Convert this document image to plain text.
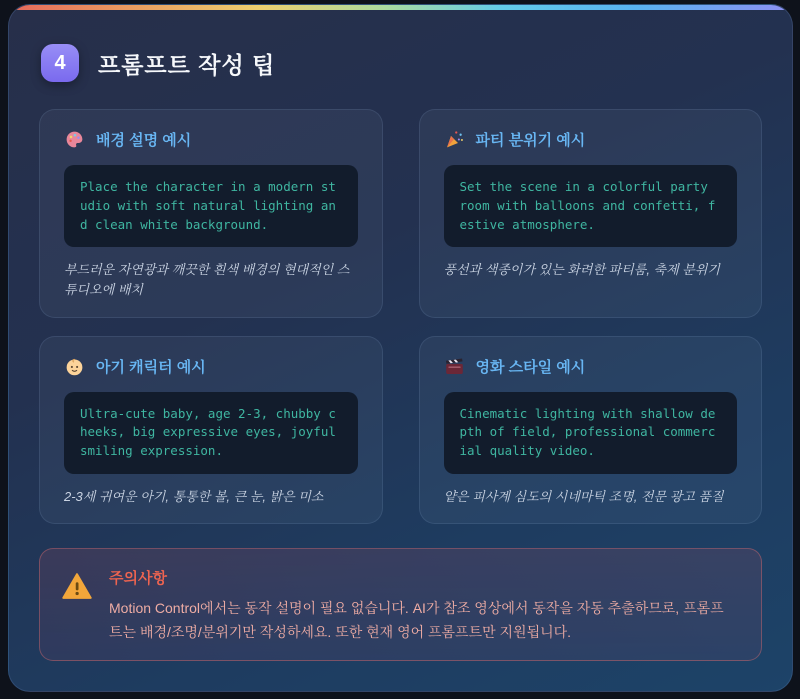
4	프롬프트 작성 팁
배경 설명 예시
Place the character in a modern studio with soft natural lighting and clean white background.
부드러운 자연광과 깨끗한 흰색 배경의 현대적인 스튜디오에 배치
파티 분위기 예시
Set the scene in a colorful party room with balloons and confetti, festive atmosphere.
풍선과 색종이가 있는 화려한 파티룸, 축제 분위기
아기 캐릭터 예시
Ultra-cute baby, age 2-3, chubby cheeks, big expressive eyes, joyful smiling expression.
2-3세 귀여운 아기, 통통한 볼, 큰 눈, 밝은 미소
영화 스타일 예시
Cinematic lighting with shallow depth of field, professional commercial quality video.
얕은 피사계 심도의 시네마틱 조명, 전문 광고 품질
주의사항
Motion Control에서는 동작 설명이 필요 없습니다. AI가 참조 영상에서 동작을 자동 추출하므로, 프롬프트는 배경/조명/분위기만 작성하세요. 또한 현재 영어 프롬프트만 지원됩니다.
